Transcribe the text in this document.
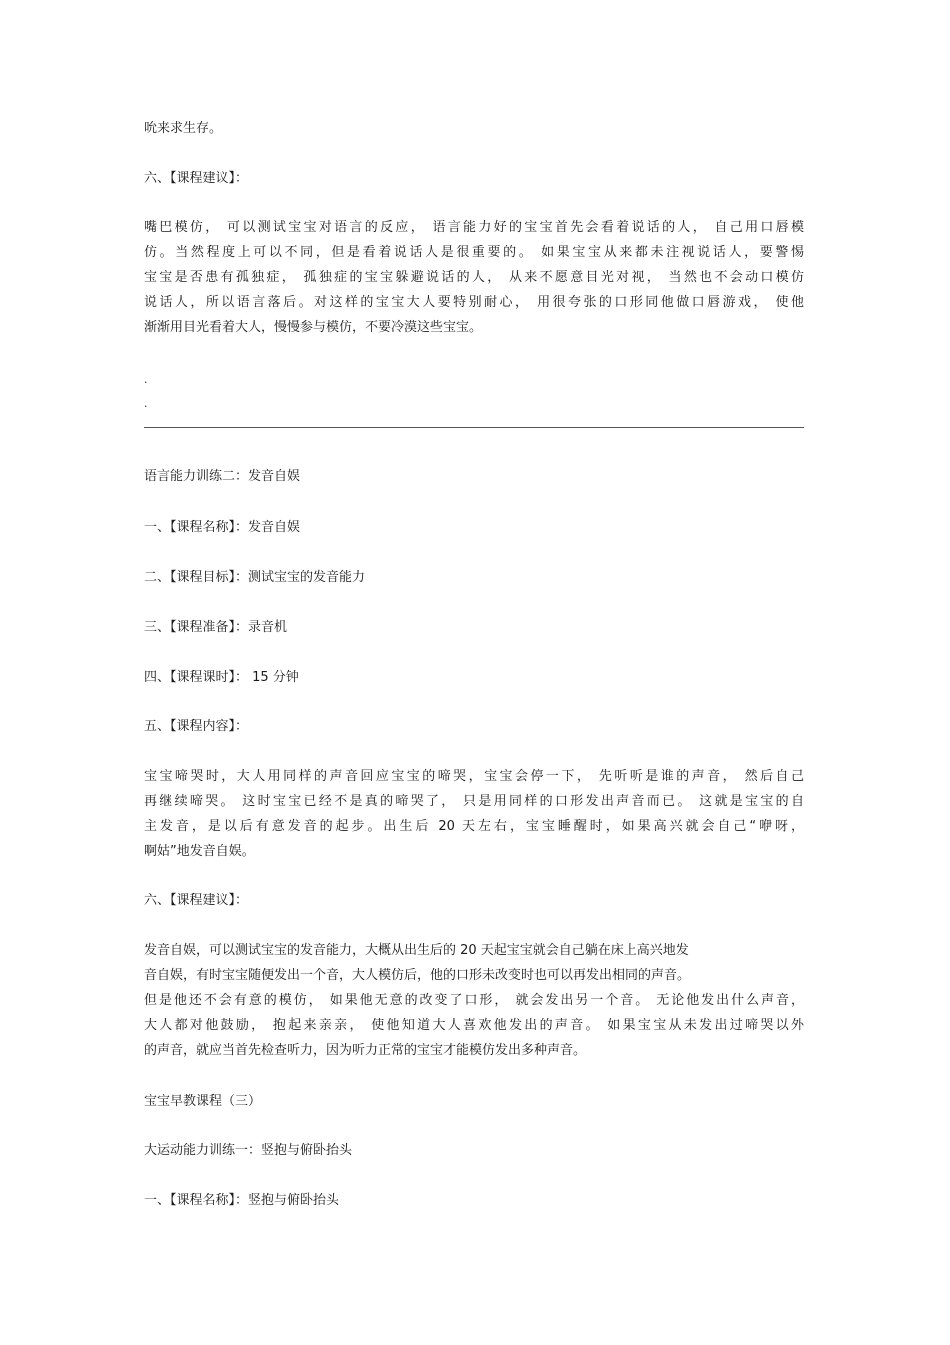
吮来求生存。
六、【课程建议】：
嘴巴模仿， 可以测试宝宝对语言的反应， 语言能力好的宝宝首先会看着说话的人， 自己用口唇模
仿。当然程度上可以不同，但是看着说话人是很重要的。 如果宝宝从来都未注视说话人，要警惕
宝宝是否患有孤独症， 孤独症的宝宝躲避说话的人， 从来不愿意目光对视， 当然也不会动口模仿
说话人，所以语言落后。对这样的宝宝大人要特别耐心， 用很夸张的口形同他做口唇游戏， 使他
渐渐用目光看着大人，慢慢参与模仿，不要冷漠这些宝宝。
.
.
语言能力训练二：发音自娱
一、【课程名称】：发音自娱
二、【课程目标】：测试宝宝的发音能力
三、【课程准备】：录音机
四、【课程课时】： 15 分钟
五、【课程内容】：
宝宝啼哭时，大人用同样的声音回应宝宝的啼哭，宝宝会停一下， 先听听是谁的声音， 然后自己
再继续啼哭。 这时宝宝已经不是真的啼哭了， 只是用同样的口形发出声音而已。 这就是宝宝的自
主发音，是以后有意发音的起步。出生后 20 天左右，宝宝睡醒时，如果高兴就会自己“咿呀，
啊姑”地发音自娱。
六、【课程建议】：
发音自娱，可以测试宝宝的发音能力，大概从出生后的 20 天起宝宝就会自己躺在床上高兴地发
音自娱，有时宝宝随便发出一个音，大人模仿后，他的口形未改变时也可以再发出相同的声音。
但是他还不会有意的模仿， 如果他无意的改变了口形， 就会发出另一个音。 无论他发出什么声音，
大人都对他鼓励， 抱起来亲亲， 使他知道大人喜欢他发出的声音。 如果宝宝从未发出过啼哭以外
的声音，就应当首先检查听力，因为听力正常的宝宝才能模仿发出多种声音。
宝宝早教课程（三）
大运动能力训练一：竖抱与俯卧抬头
一、【课程名称】：竖抱与俯卧抬头
